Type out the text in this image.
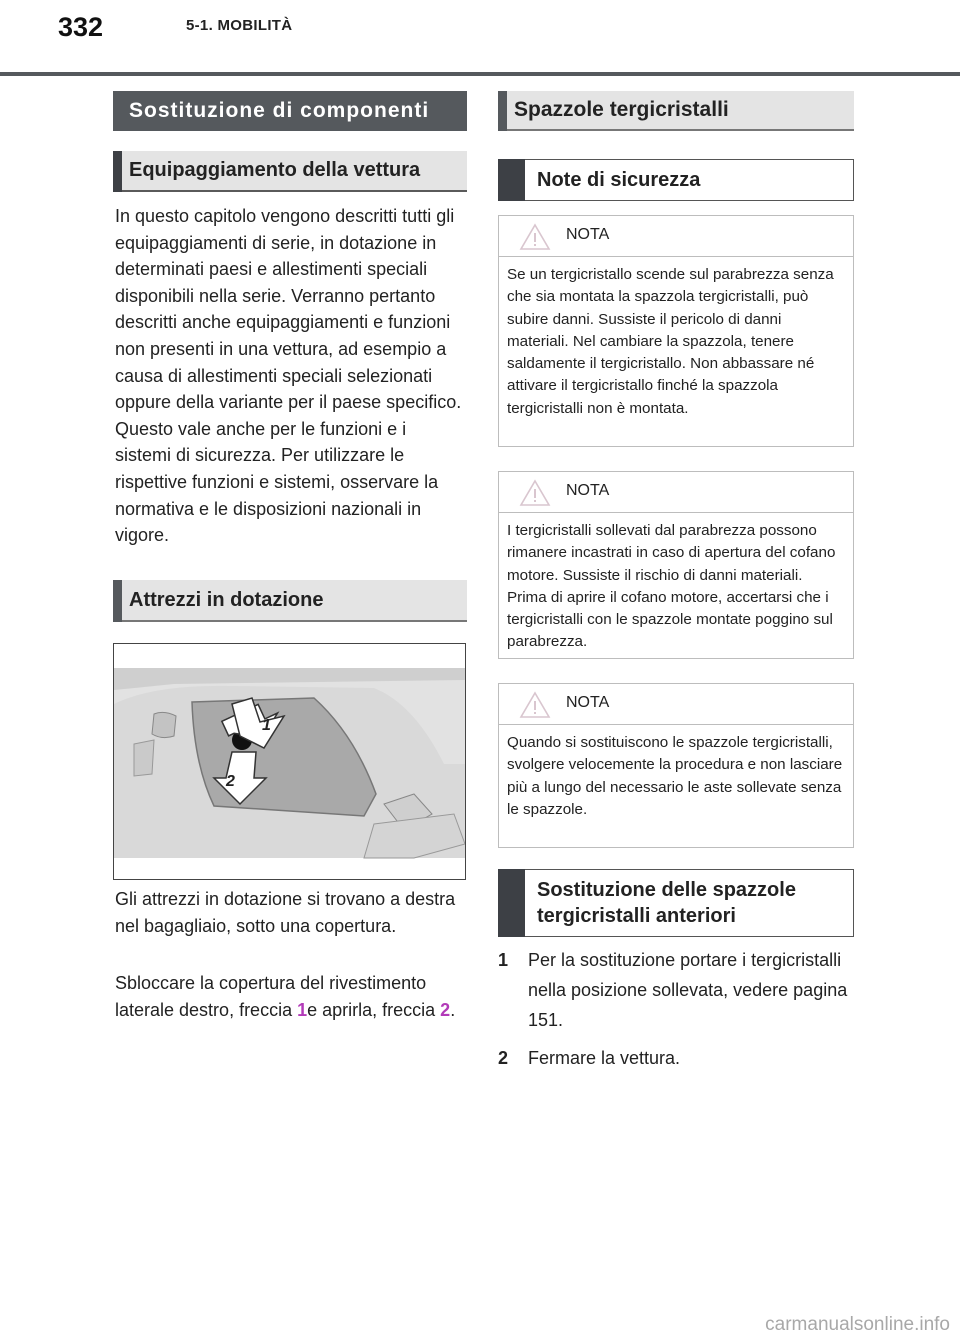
332	5-1. MOBILITÀ
Sostituzione di componenti
Equipaggiamento della vettura
In questo capitolo vengono descritti tutti gli equipaggiamenti di serie, in dotazione in determinati paesi e allestimenti speciali disponibili nella serie. Verranno pertanto descritti anche equipaggiamenti e funzioni non presenti in una vettura, ad esempio a causa di allestimenti speciali selezionati oppure della variante per il paese specifico. Questo vale anche per le funzioni e i sistemi di sicurezza. Per utilizzare le rispettive funzioni e sistemi, osservare la normativa e le disposizioni nazionali in vigore.
Attrezzi in dotazione
1
2
Gli attrezzi in dotazione si trovano a destra nel bagagliaio, sotto una copertura.
Sbloccare la copertura del rivestimento laterale destro, freccia 1e aprirla, freccia 2.
Spazzole tergicristalli
Note di sicurezza
NOTA
Se un tergicristallo scende sul parabrezza senza che sia montata la spazzola tergicristalli, può subire danni. Sussiste il pericolo di danni materiali. Nel cambiare la spazzola, tenere saldamente il tergicristallo. Non abbassare né attivare il tergicristallo finché la spazzola tergicristalli non è montata.
NOTA
I tergicristalli sollevati dal parabrezza possono rimanere incastrati in caso di apertura del cofano motore. Sussiste il rischio di danni materiali. Prima di aprire il cofano motore, accertarsi che i tergicristalli con le spazzole montate poggino sul parabrezza.
NOTA
Quando si sostituiscono le spazzole tergicristalli, svolgere velocemente la procedura e non lasciare più a lungo del necessario le aste sollevate senza le spazzole.
Sostituzione delle spazzole tergicristalli anteriori
1 Per la sostituzione portare i tergicristalli nella posizione sollevata, vedere pagina 151.
2 Fermare la vettura.
carmanualsonline.info
